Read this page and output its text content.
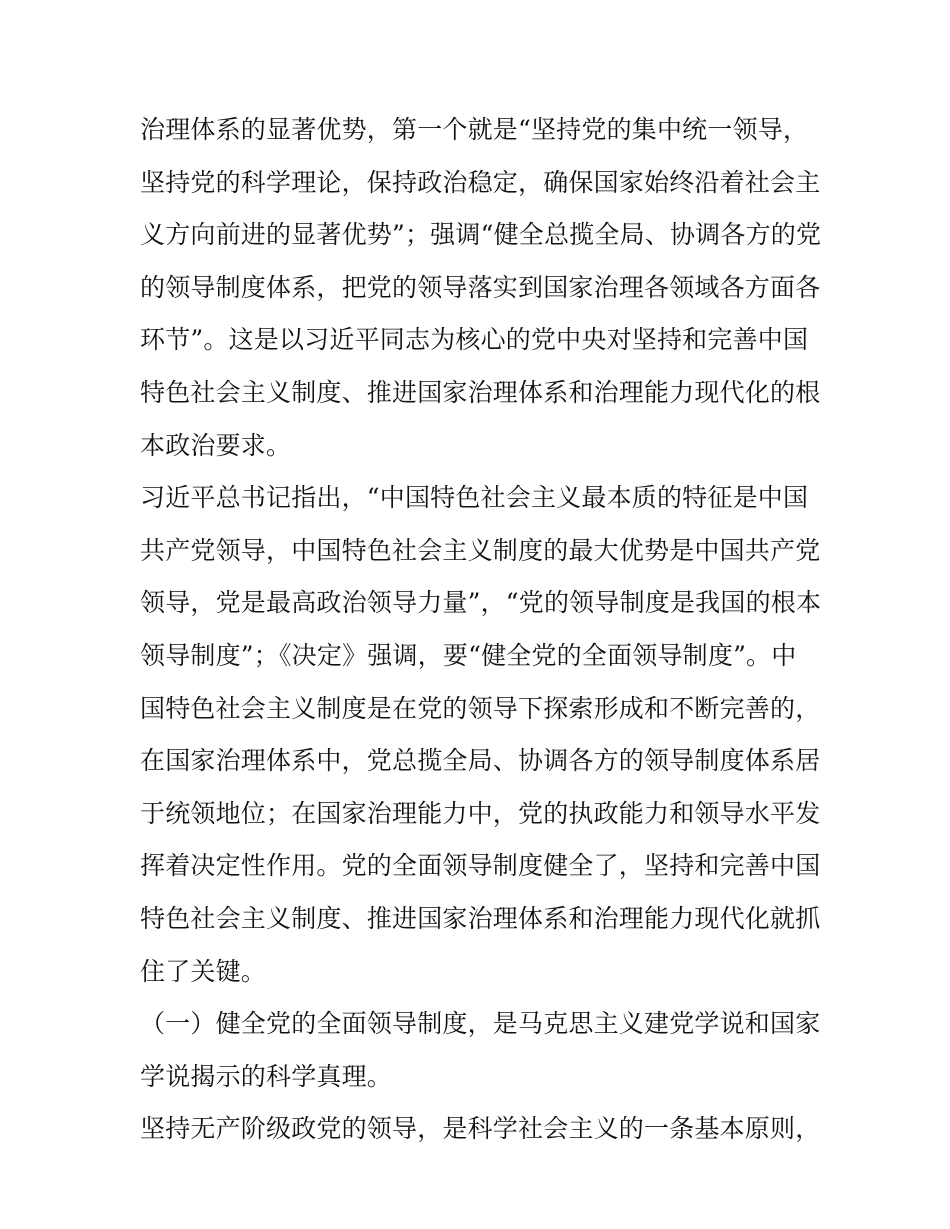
治理体系的显著优势，第一个就是“坚持党的集中统一领导，
坚持党的科学理论，保持政治稳定，确保国家始终沿着社会主
义方向前进的显著优势”；强调“健全总揽全局、协调各方的党
的领导制度体系，把党的领导落实到国家治理各领域各方面各
环节”。这是以习近平同志为核心的党中央对坚持和完善中国
特色社会主义制度、推进国家治理体系和治理能力现代化的根
本政治要求。
习近平总书记指出，“中国特色社会主义最本质的特征是中国
共产党领导，中国特色社会主义制度的最大优势是中国共产党
领导，党是最高政治领导力量”，“党的领导制度是我国的根本
领导制度”；《决定》强调，要“健全党的全面领导制度”。中
国特色社会主义制度是在党的领导下探索形成和不断完善的，
在国家治理体系中，党总揽全局、协调各方的领导制度体系居
于统领地位；在国家治理能力中，党的执政能力和领导水平发
挥着决定性作用。党的全面领导制度健全了，坚持和完善中国
特色社会主义制度、推进国家治理体系和治理能力现代化就抓
住了关键。
（一）健全党的全面领导制度，是马克思主义建党学说和国家
学说揭示的科学真理。
坚持无产阶级政党的领导，是科学社会主义的一条基本原则，
